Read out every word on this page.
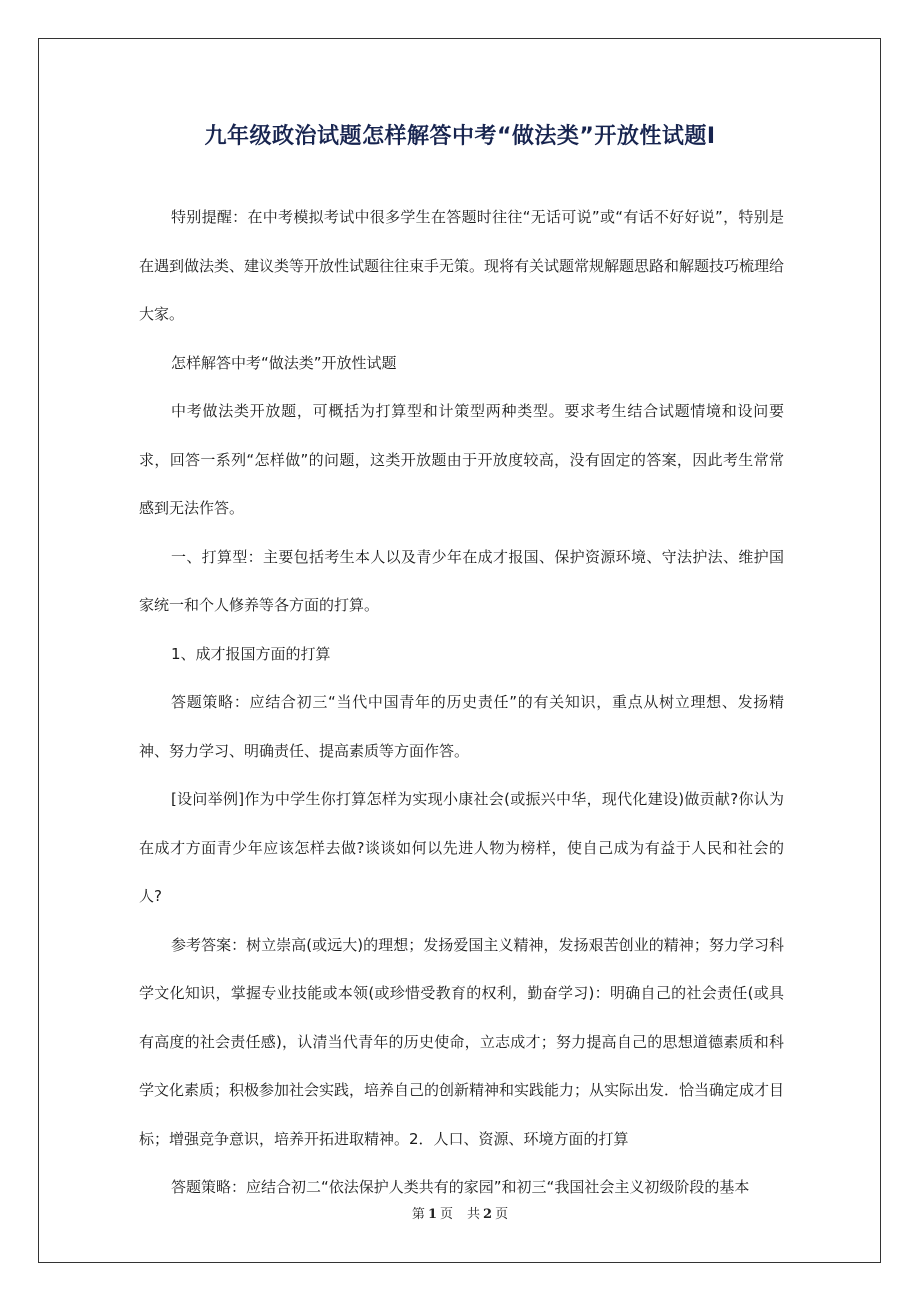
九年级政治试题怎样解答中考“做法类”开放性试题Ⅰ

特别提醒：在中考模拟考试中很多学生在答题时往往“无话可说”或“有话不好好说”，特别是在遇到做法类、建议类等开放性试题往往束手无策。现将有关试题常规解题思路和解题技巧梳理给大家。

怎样解答中考“做法类”开放性试题

中考做法类开放题，可概括为打算型和计策型两种类型。要求考生结合试题情境和设问要求，回答一系列“怎样做”的问题，这类开放题由于开放度较高，没有固定的答案，因此考生常常感到无法作答。

一、打算型：主要包括考生本人以及青少年在成才报国、保护资源环境、守法护法、维护国家统一和个人修养等各方面的打算。

1、成才报国方面的打算

答题策略：应结合初三“当代中国青年的历史责任”的有关知识，重点从树立理想、发扬精神、努力学习、明确责任、提高素质等方面作答。

[设问举例]作为中学生你打算怎样为实现小康社会(或振兴中华，现代化建设)做贡献?你认为在成才方面青少年应该怎样去做?谈谈如何以先进人物为榜样，使自己成为有益于人民和社会的人?

参考答案：树立崇高(或远大)的理想；发扬爱国主义精神，发扬艰苦创业的精神；努力学习科学文化知识，掌握专业技能或本领(或珍惜受教育的权利，勤奋学习)：明确自己的社会责任(或具有高度的社会责任感)，认清当代青年的历史使命，立志成才；努力提高自己的思想道德素质和科学文化素质；积极参加社会实践，培养自己的创新精神和实践能力；从实际出发．恰当确定成才目标；增强竞争意识，培养开拓进取精神。2．人口、资源、环境方面的打算

答题策略：应结合初二“依法保护人类共有的家园”和初三“我国社会主义初级阶段的基本

第 1 页 共 2 页
